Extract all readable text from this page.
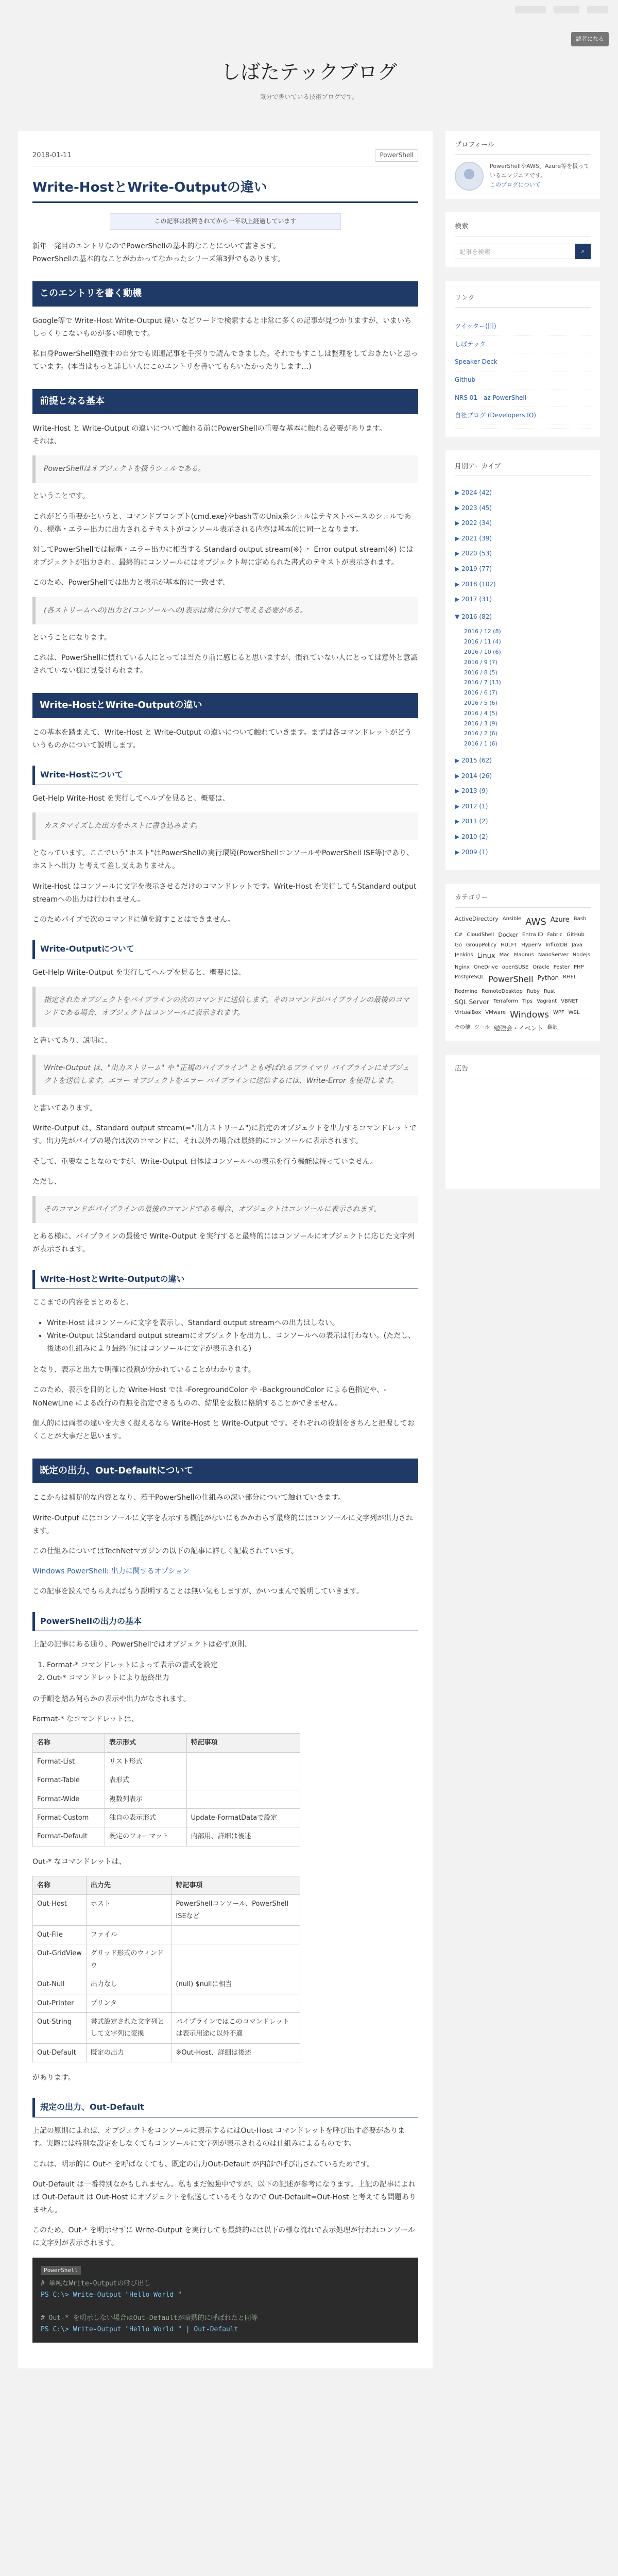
読者になる
しばたテックブログ
気分で書いている技術ブログです。
2018-01-11	PowerShell
Write-HostとWrite-Outputの違い
この記事は投稿されてから一年以上経過しています

新年一発目のエントリなのでPowerShellの基本的なことについて書きます。

PowerShellの基本的なことがわかってなかったシリーズ第3弾でもあります。

このエントリを書く動機

Google等で Write-Host Write-Output 違い などワードで検索すると非常に多くの記事が見つかりますが、いまいちしっくりこないものが多い印象です。

私自身PowerShell勉強中の自分でも関連記事を手探りで読んできました。それでもすこしは整理をしておきたいと思っています。(本当はもっと詳しい人にこのエントリを書いてもらいたかったりします…)

前提となる基本

Write-Host と Write-Output の違いについて触れる前にPowerShellの重要な基本に触れる必要があります。

それは、

PowerShellはオブジェクトを扱うシェルである。

ということです。

これがどう重要かというと、コマンドプロンプト(cmd.exe)やbash等のUnix系シェルはテキストベースのシェルであり、標準・エラー出力に出力されるテキストがコンソール表示される内容は基本的に同一となります。

対してPowerShellでは標準・エラー出力に相当する Standard output stream(※) ・ Error output stream(※) にはオブジェクトが出力され、最終的にコンソールにはオブジェクト毎に定められた書式のテキストが表示されます。

このため、PowerShellでは出力と表示が基本的に一致せず、

(各ストリームへの)出力と(コンソールへの)表示は常に分けて考える必要がある。

ということになります。

これは、PowerShellに慣れている人にとっては当たり前に感じると思いますが、慣れていない人にとっては意外と意識されていない様に見受けられます。

Write-HostとWrite-Outputの違い

この基本を踏まえて、Write-Host と Write-Output の違いについて触れていきます。まずは各コマンドレットがどういうものかについて説明します。

Write-Hostについて

Get-Help Write-Host を実行してヘルプを見ると、概要は、

カスタマイズした出力をホストに書き込みます。

となっています。ここでいう"ホスト"はPowerShellの実行環境(PowerShellコンソールやPowerShell ISE等)であり、ホストへ出力 と考えて差し支えありません。

Write-Host はコンソールに文字を表示させるだけのコマンドレットです。Write-Host を実行してもStandard output streamへの出力は行われません。

このためパイプで次のコマンドに値を渡すことはできません。

Write-Outputについて

Get-Help Write-Output を実行してヘルプを見ると、概要には、

指定されたオブジェクトをパイプラインの次のコマンドに送信します。そのコマンドがパイプラインの最後のコマンドである場合、オブジェクトはコンソールに表示されます。

と書いてあり、説明に、

Write-Output は、"出力ストリーム" や "正規のパイプライン" とも呼ばれるプライマリ パイプラインにオブジェクトを送信します。エラー オブジェクトをエラー パイプラインに送信するには、Write-Error を使用します。

と書いてあります。

Write-Output は、Standard output stream(="出力ストリーム")に指定のオブジェクトを出力するコマンドレットです。出力先がパイプの場合は次のコマンドに、それ以外の場合は最終的にコンソールに表示されます。

そして、重要なことなのですが、Write-Output 自体はコンソールへの表示を行う機能は持っていません。

ただし、

そのコマンドがパイプラインの最後のコマンドである場合、オブジェクトはコンソールに表示されます。

とある様に、パイプラインの最後で Write-Output を実行すると最終的にはコンソールにオブジェクトに応じた文字列が表示されます。

Write-HostとWrite-Outputの違い

ここまでの内容をまとめると、

• Write-Host はコンソールに文字を表示し、Standard output streamへの出力はしない。
• Write-Output はStandard output streamにオブジェクトを出力し、コンソールへの表示は行わない。(ただし、後述の仕組みにより最終的にはコンソールに文字が表示される)

となり、表示と出力で明確に役割が分かれていることがわかります。

このため、表示を目的とした Write-Host では -ForegroundColor や -BackgroundColor による色指定や、-NoNewLine による改行の有無を指定できるものの、結果を変数に格納することができません。

個人的には両者の違いを大きく捉えるなら Write-Host と Write-Output です。それぞれの役割をきちんと把握しておくことが大事だと思います。

既定の出力、Out-Defaultについて

ここからは補足的な内容となり、若干PowerShellの仕組みの深い部分について触れていきます。

Write-Output にはコンソールに文字を表示する機能がないにもかかわらず最終的にはコンソールに文字列が出力されます。

この仕組みについてはTechNetマガジンの以下の記事に詳しく記載されています。

Windows PowerShell: 出力に関するオプション

この記事を読んでもらえればもう説明することは無い気もしますが、かいつまんで説明していきます。

PowerShellの出力の基本

上記の記事にある通り、PowerShellではオブジェクトは必ず原則、

1. Format-* コマンドレットによって表示の書式を設定
2. Out-* コマンドレットにより最終出力

の手順を踏み何らかの表示や出力がなされます。

Format-* なコマンドレットは、

名称	表示形式	特記事項
Format-List	リスト形式	
Format-Table	表形式	
Format-Wide	複数列表示	
Format-Custom	独自の表示形式	Update-FormatDataで設定
Format-Default	既定のフォーマット	内部用、詳細は後述

Out-* なコマンドレットは、

名称	出力先	特記事項
Out-Host	ホスト	PowerShellコンソール、PowerShell ISEなど
Out-File	ファイル	
Out-GridView	グリッド形式のウィンドウ	
Out-Null	出力なし	(null) $nullに相当
Out-Printer	プリンタ	
Out-String	書式設定された文字列として文字列に変換	パイプラインではこのコマンドレットは表示用途に以外不適
Out-Default	既定の出力	※Out-Host、詳細は後述

があります。

規定の出力、Out-Default

上記の原則によれば、オブジェクトをコンソールに表示するにはOut-Host コマンドレットを呼び出す必要があります。実際には特別な設定をしなくてもコンソールに文字列が表示されるのは仕組みによるものです。

これは、明示的に Out-* を呼ばなくても、既定の出力Out-Default が内部で呼び出されているためです。

Out-Default は一番特別なかもしれません。私もまだ勉強中ですが、以下の記述が参考になります。上記の記事によれば Out-Default は Out-Host にオブジェクトを転送しているそうなので Out-Default=Out-Host と考えても問題ありません。

このため、Out-* を明示せずに Write-Output を実行しても最終的には以下の様な流れで表示処理が行われコンソールに文字列が表示されます。

PowerShell
# 単純なWrite-Outputの呼び出し
PS C:\> Write-Output "Hello World "

# Out-* を明示しない場合はOut-Defaultが暗黙的に呼ばれたと同等
PS C:\> Write-Output "Hello World " | Out-Default
プロフィール
PowerShellやAWS、Azure等を扱っているエンジニアです。
このブログについて
検索
記事を検索	⌕
リンク
ツイッター(旧)
しばテック
Speaker Deck
Github
NRS 01 - az PowerShell
自社ブログ (Developers.IO)
月別アーカイブ
▶ 2024 (42)
▶ 2023 (45)
▶ 2022 (34)
▶ 2021 (39)
▶ 2020 (53)
▶ 2019 (77)
▶ 2018 (102)
▶ 2017 (31)
▼ 2016 (82)
2016 / 12 (8)
2016 / 11 (4)
2016 / 10 (6)
2016 / 9 (7)
2016 / 8 (5)
2016 / 7 (13)
2016 / 6 (7)
2016 / 5 (6)
2016 / 4 (5)
2016 / 3 (9)
2016 / 2 (6)
2016 / 1 (6)
▶ 2015 (62)
▶ 2014 (26)
▶ 2013 (9)
▶ 2012 (1)
▶ 2011 (2)
▶ 2010 (2)
▶ 2009 (1)
カテゴリー
ActiveDirectory Ansible AWS Azure Bash
C# CloudShell Docker Entra ID Fabric GitHub
Go GroupPolicy HULFT Hyper-V InfluxDB Java
Jenkins Linux Mac Magnus NanoServer Nodejs
Nginx OneDrive openSUSE Oracle Pester PHP
PostgreSQL PowerShell Python RHEL
Redmine RemoteDesktop Ruby Rust
SQL Server Terraform Tips Vagrant VBNET
VirtualBox VMware Windows WPF WSL
その他 ツール 勉強会・イベント 翻訳
広告
